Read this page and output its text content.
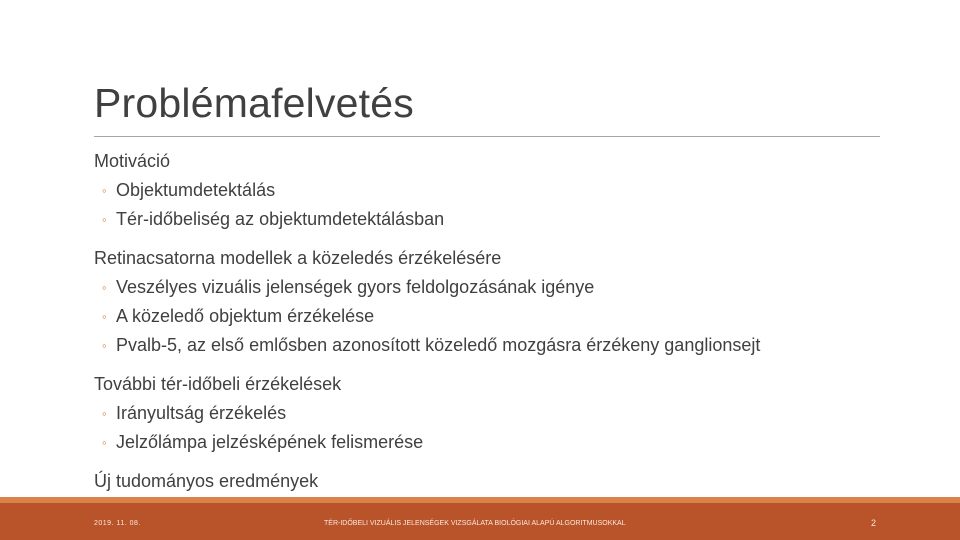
Problémafelvetés
Motiváció
◦ Objektumdetektálás
◦ Tér-időbeliség az objektumdetektálásban
Retinacsatorna modellek a közeledés érzékelésére
◦ Veszélyes vizuális jelenségek gyors feldolgozásának igénye
◦ A közeledő objektum érzékelése
◦ Pvalb-5, az első emlősben azonosított közeledő mozgásra érzékeny ganglionsejt
További tér-időbeli érzékelések
◦ Irányultság érzékelés
◦ Jelzőlámpa jelzésképének felismerése
Új tudományos eredmények
2019. 11. 08.	TÉR-IDŐBELI VIZUÁLIS JELENSÉGEK VIZSGÁLATA BIOLÓGIAI ALAPÚ ALGORITMUSOKKAL	2
